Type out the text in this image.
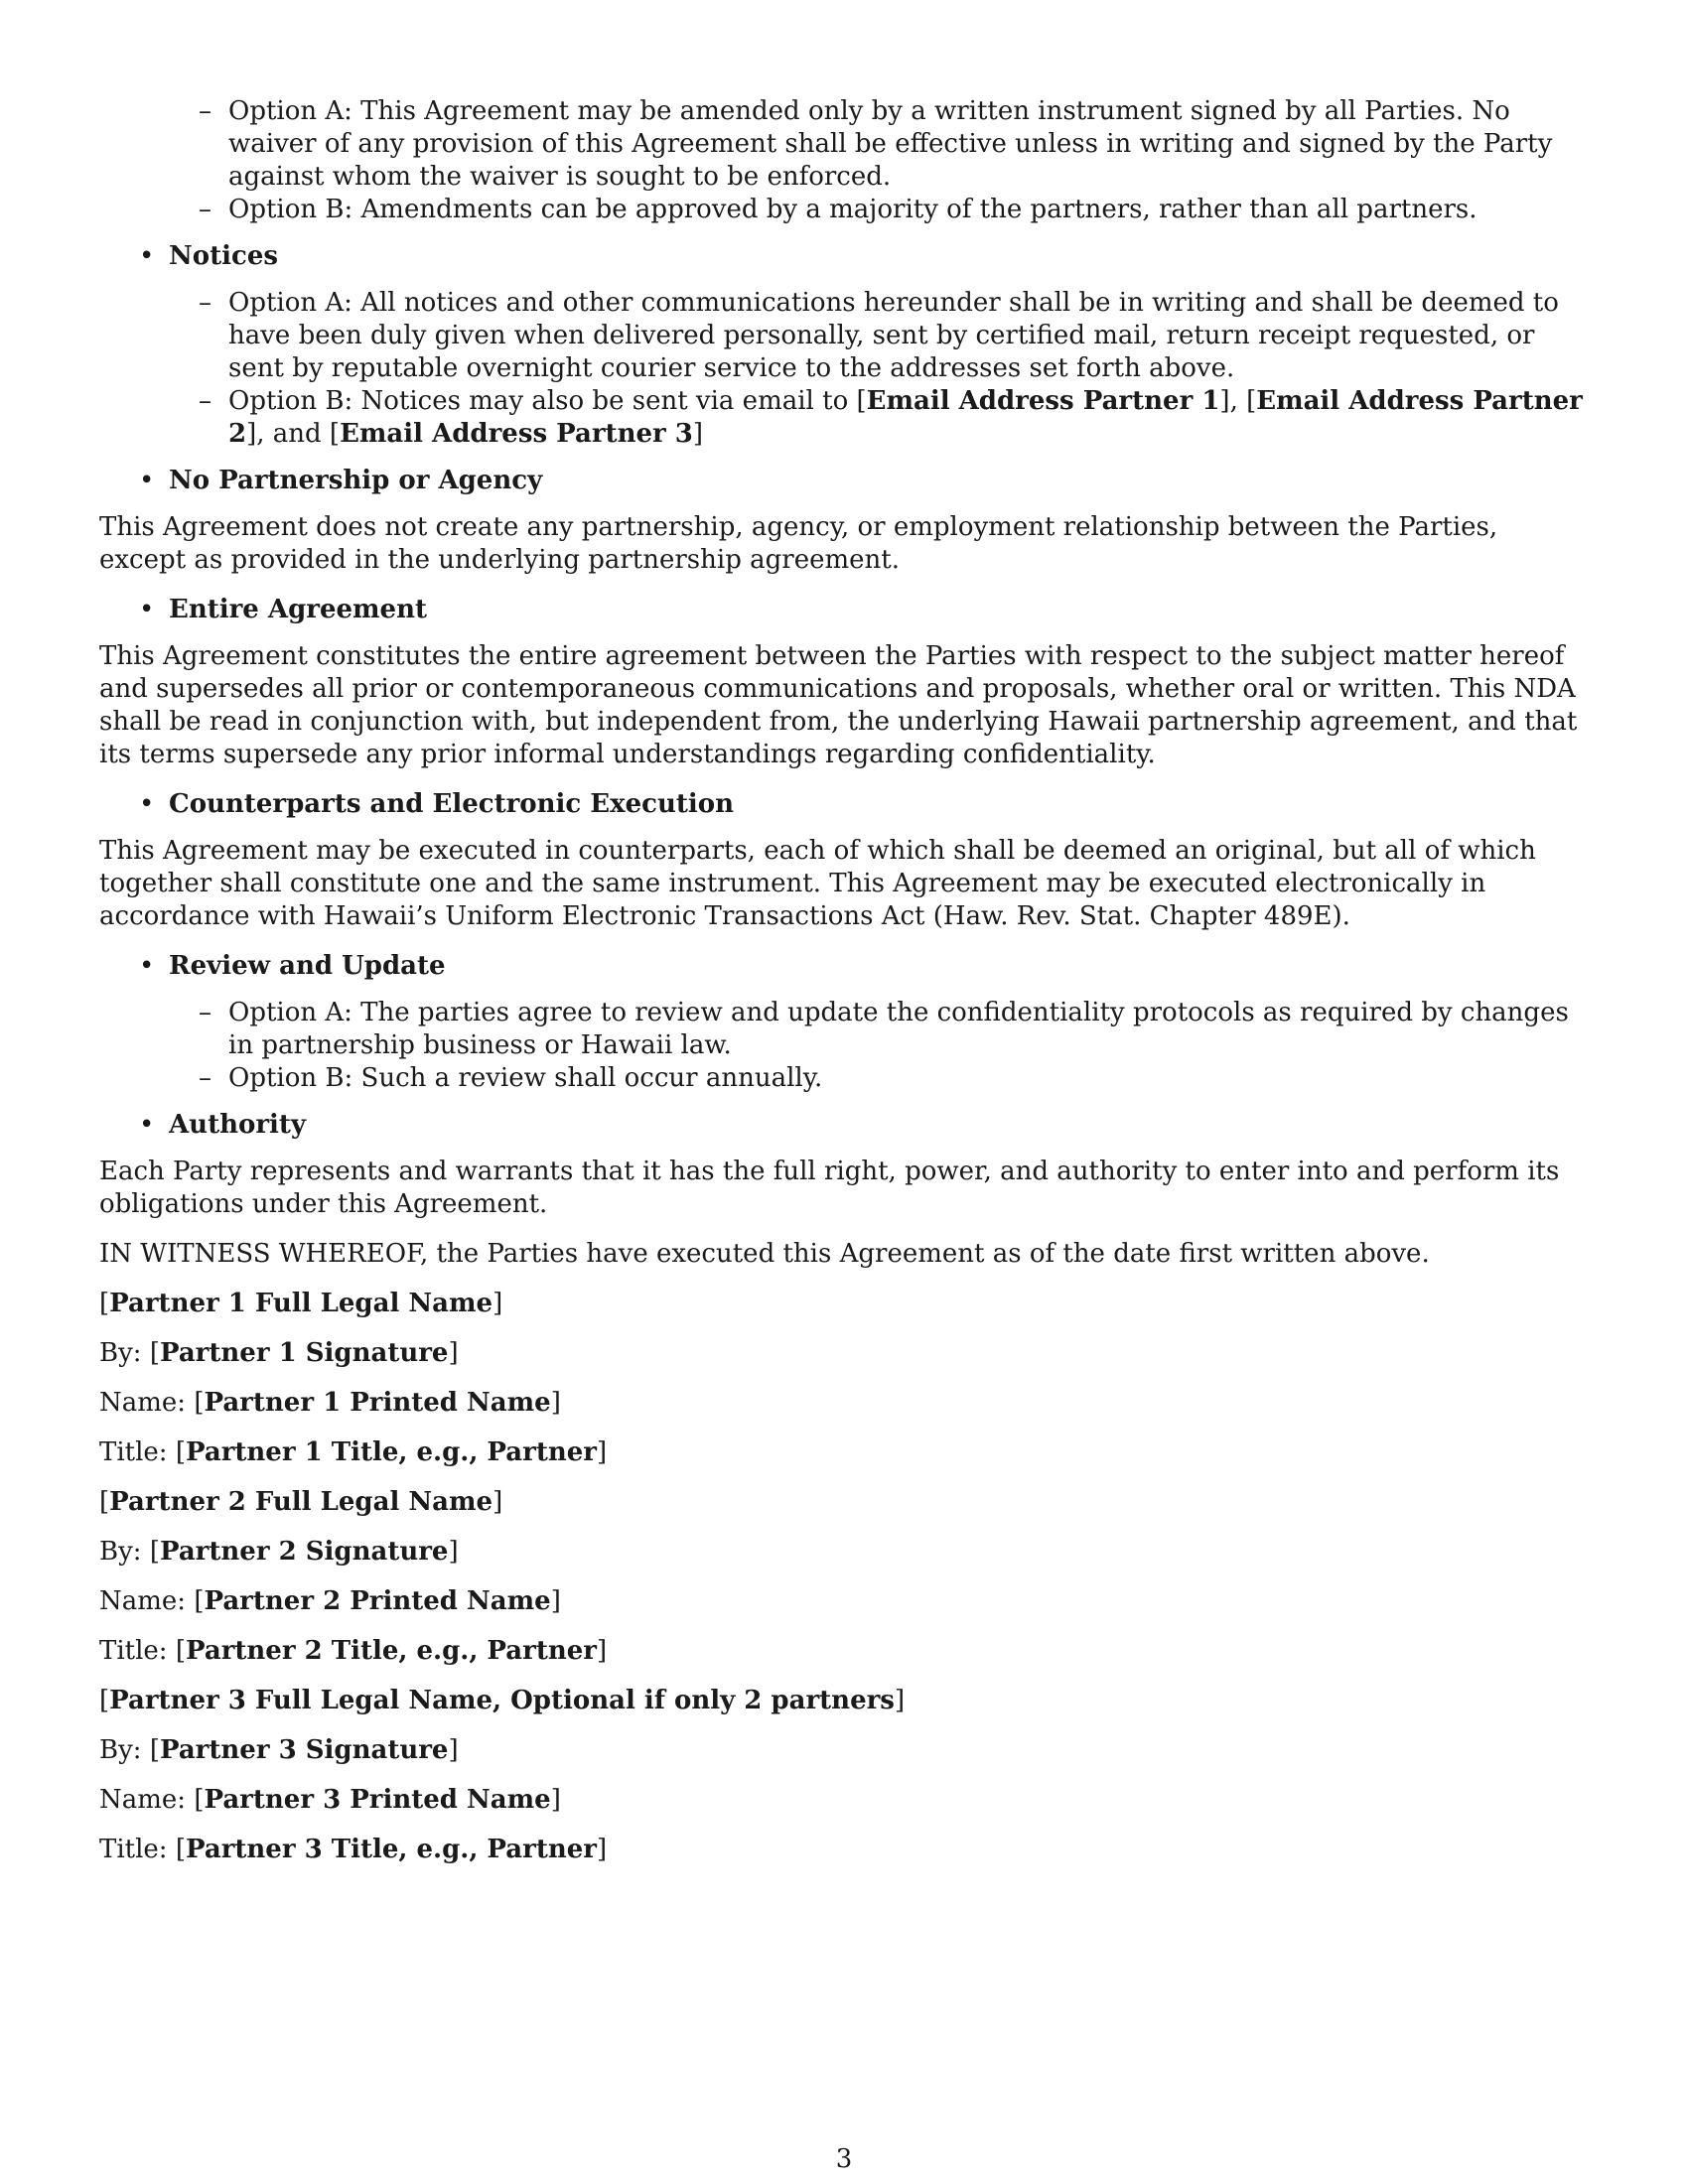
– Option A: This Agreement may be amended only by a written instrument signed by all Parties. No waiver of any provision of this Agreement shall be effective unless in writing and signed by the Party against whom the waiver is sought to be enforced.
– Option B: Amendments can be approved by a majority of the partners, rather than all partners.

• Notices

– Option A: All notices and other communications hereunder shall be in writing and shall be deemed to have been duly given when delivered personally, sent by certified mail, return receipt requested, or sent by reputable overnight courier service to the addresses set forth above.
– Option B: Notices may also be sent via email to [Email Address Partner 1], [Email Address Partner 2], and [Email Address Partner 3]

• No Partnership or Agency

This Agreement does not create any partnership, agency, or employment relationship between the Parties, except as provided in the underlying partnership agreement.

• Entire Agreement

This Agreement constitutes the entire agreement between the Parties with respect to the subject matter hereof and supersedes all prior or contemporaneous communications and proposals, whether oral or written. This NDA shall be read in conjunction with, but independent from, the underlying Hawaii partnership agreement, and that its terms supersede any prior informal understandings regarding confidentiality.

• Counterparts and Electronic Execution

This Agreement may be executed in counterparts, each of which shall be deemed an original, but all of which together shall constitute one and the same instrument. This Agreement may be executed electronically in accordance with Hawaii’s Uniform Electronic Transactions Act (Haw. Rev. Stat. Chapter 489E).

• Review and Update

– Option A: The parties agree to review and update the confidentiality protocols as required by changes in partnership business or Hawaii law.
– Option B: Such a review shall occur annually.

• Authority

Each Party represents and warrants that it has the full right, power, and authority to enter into and perform its obligations under this Agreement.

IN WITNESS WHEREOF, the Parties have executed this Agreement as of the date first written above.

[Partner 1 Full Legal Name]

By: [Partner 1 Signature]

Name: [Partner 1 Printed Name]

Title: [Partner 1 Title, e.g., Partner]

[Partner 2 Full Legal Name]

By: [Partner 2 Signature]

Name: [Partner 2 Printed Name]

Title: [Partner 2 Title, e.g., Partner]

[Partner 3 Full Legal Name, Optional if only 2 partners]

By: [Partner 3 Signature]

Name: [Partner 3 Printed Name]

Title: [Partner 3 Title, e.g., Partner]

3
